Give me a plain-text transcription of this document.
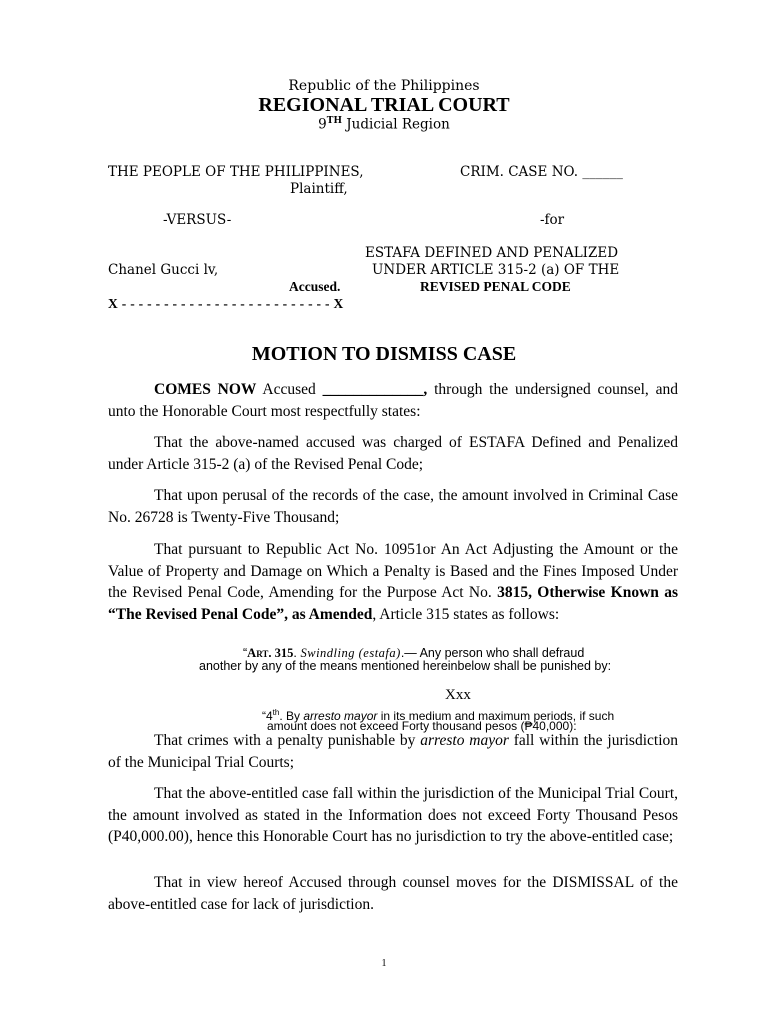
Republic of the Philippines
REGIONAL TRIAL COURT
9TH Judicial Region
THE PEOPLE OF THE PHILIPPINES,	CRIM. CASE NO. ______
Plaintiff,
-VERSUS-	-for
ESTAFA DEFINED AND PENALIZED
Chanel Gucci lv,	UNDER ARTICLE 315-2 (a) OF THE
Accused.	REVISED PENAL CODE
X - - - - - - - - - - - - - - - - - - - - - - - - - X
MOTION TO DISMISS CASE
COMES NOW Accused _____________, through the undersigned counsel, and unto the Honorable Court most respectfully states:
That the above-named accused was charged of ESTAFA Defined and Penalized under Article 315-2 (a) of the Revised Penal Code;
That upon perusal of the records of the case, the amount involved in Criminal Case No. 26728 is Twenty-Five Thousand;
That pursuant to Republic Act No. 10951or An Act Adjusting the Amount or the Value of Property and Damage on Which a Penalty is Based and the Fines Imposed Under the Revised Penal Code, Amending for the Purpose Act No. 3815, Otherwise Known as “The Revised Penal Code”, as Amended, Article 315 states as follows:
“Art. 315. Swindling (estafa).— Any person who shall defraud
another by any of the means mentioned hereinbelow shall be punished by:
Xxx
“4th. By arresto mayor in its medium and maximum periods, if such
amount does not exceed Forty thousand pesos (₱40,000):
That crimes with a penalty punishable by arresto mayor fall within the jurisdiction of the Municipal Trial Courts;
That the above-entitled case fall within the jurisdiction of the Municipal Trial Court, the amount involved as stated in the Information does not exceed Forty Thousand Pesos (P40,000.00), hence this Honorable Court has no jurisdiction to try the above-entitled case;
That in view hereof Accused through counsel moves for the DISMISSAL of the above-entitled case for lack of jurisdiction.
1
